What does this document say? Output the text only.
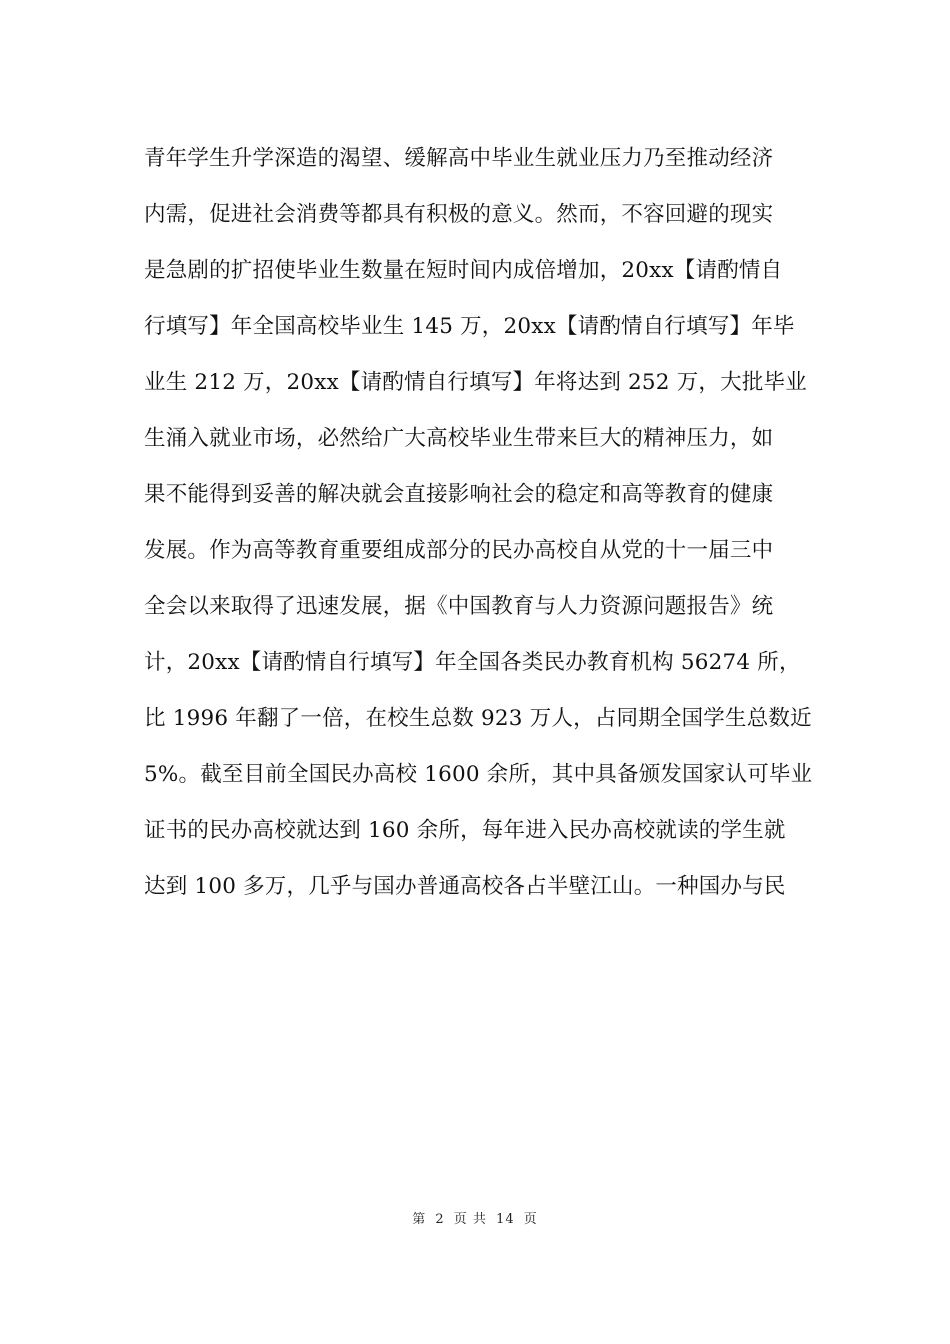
青年学生升学深造的渴望、缓解高中毕业生就业压力乃至推动经济
内需，促进社会消费等都具有积极的意义。然而，不容回避的现实
是急剧的扩招使毕业生数量在短时间内成倍增加，20xx【请酌情自
行填写】年全国高校毕业生 145 万，20xx【请酌情自行填写】年毕
业生 212 万，20xx【请酌情自行填写】年将达到 252 万，大批毕业
生涌入就业市场，必然给广大高校毕业生带来巨大的精神压力，如
果不能得到妥善的解决就会直接影响社会的稳定和高等教育的健康
发展。作为高等教育重要组成部分的民办高校自从党的十一届三中
全会以来取得了迅速发展，据《中国教育与人力资源问题报告》统
计，20xx【请酌情自行填写】年全国各类民办教育机构 56274 所，
比 1996 年翻了一倍，在校生总数 923 万人，占同期全国学生总数近
5%。截至目前全国民办高校 1600 余所，其中具备颁发国家认可毕业
证书的民办高校就达到 160 余所，每年进入民办高校就读的学生就
达到 100 多万，几乎与国办普通高校各占半壁江山。一种国办与民
第 2 页 共 14 页
